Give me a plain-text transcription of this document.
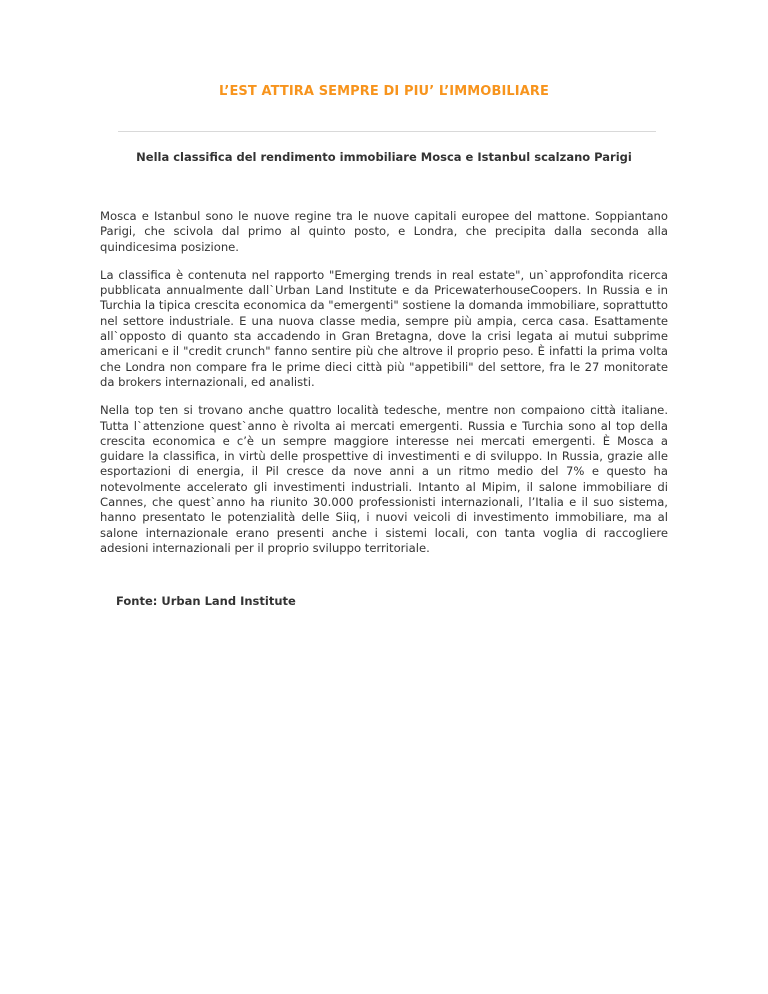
L’EST ATTIRA SEMPRE DI PIU’ L’IMMOBILIARE
Nella classifica del rendimento immobiliare Mosca e Istanbul scalzano Parigi

Mosca e Istanbul sono le nuove regine tra le nuove capitali europee del mattone. Soppiantano Parigi, che scivola dal primo al quinto posto, e Londra, che precipita dalla seconda alla quindicesima posizione.

La classifica è contenuta nel rapporto "Emerging trends in real estate", un`approfondita ricerca pubblicata annualmente dall`Urban Land Institute e da PricewaterhouseCoopers. In Russia e in Turchia la tipica crescita economica da "emergenti" sostiene la domanda immobiliare, soprattutto nel settore industriale. E una nuova classe media, sempre più ampia, cerca casa. Esattamente all`opposto di quanto sta accadendo in Gran Bretagna, dove la crisi legata ai mutui subprime americani e il "credit crunch" fanno sentire più che altrove il proprio peso. È infatti la prima volta che Londra non compare fra le prime dieci città più "appetibili" del settore, fra le 27 monitorate da brokers internazionali, ed analisti.

Nella top ten si trovano anche quattro località tedesche, mentre non compaiono città italiane. Tutta l`attenzione quest`anno è rivolta ai mercati emergenti. Russia e Turchia sono al top della crescita economica e c’è un sempre maggiore interesse nei mercati emergenti. È Mosca a guidare la classifica, in virtù delle prospettive di investimenti e di sviluppo. In Russia, grazie alle esportazioni di energia, il Pil cresce da nove anni a un ritmo medio del 7% e questo ha notevolmente accelerato gli investimenti industriali. Intanto al Mipim, il salone immobiliare di Cannes, che quest`anno ha riunito 30.000 professionisti internazionali, l’Italia e il suo sistema, hanno presentato le potenzialità delle Siiq, i nuovi veicoli di investimento immobiliare, ma al salone internazionale erano presenti anche i sistemi locali, con tanta voglia di raccogliere adesioni internazionali per il proprio sviluppo territoriale.

Fonte: Urban Land Institute
